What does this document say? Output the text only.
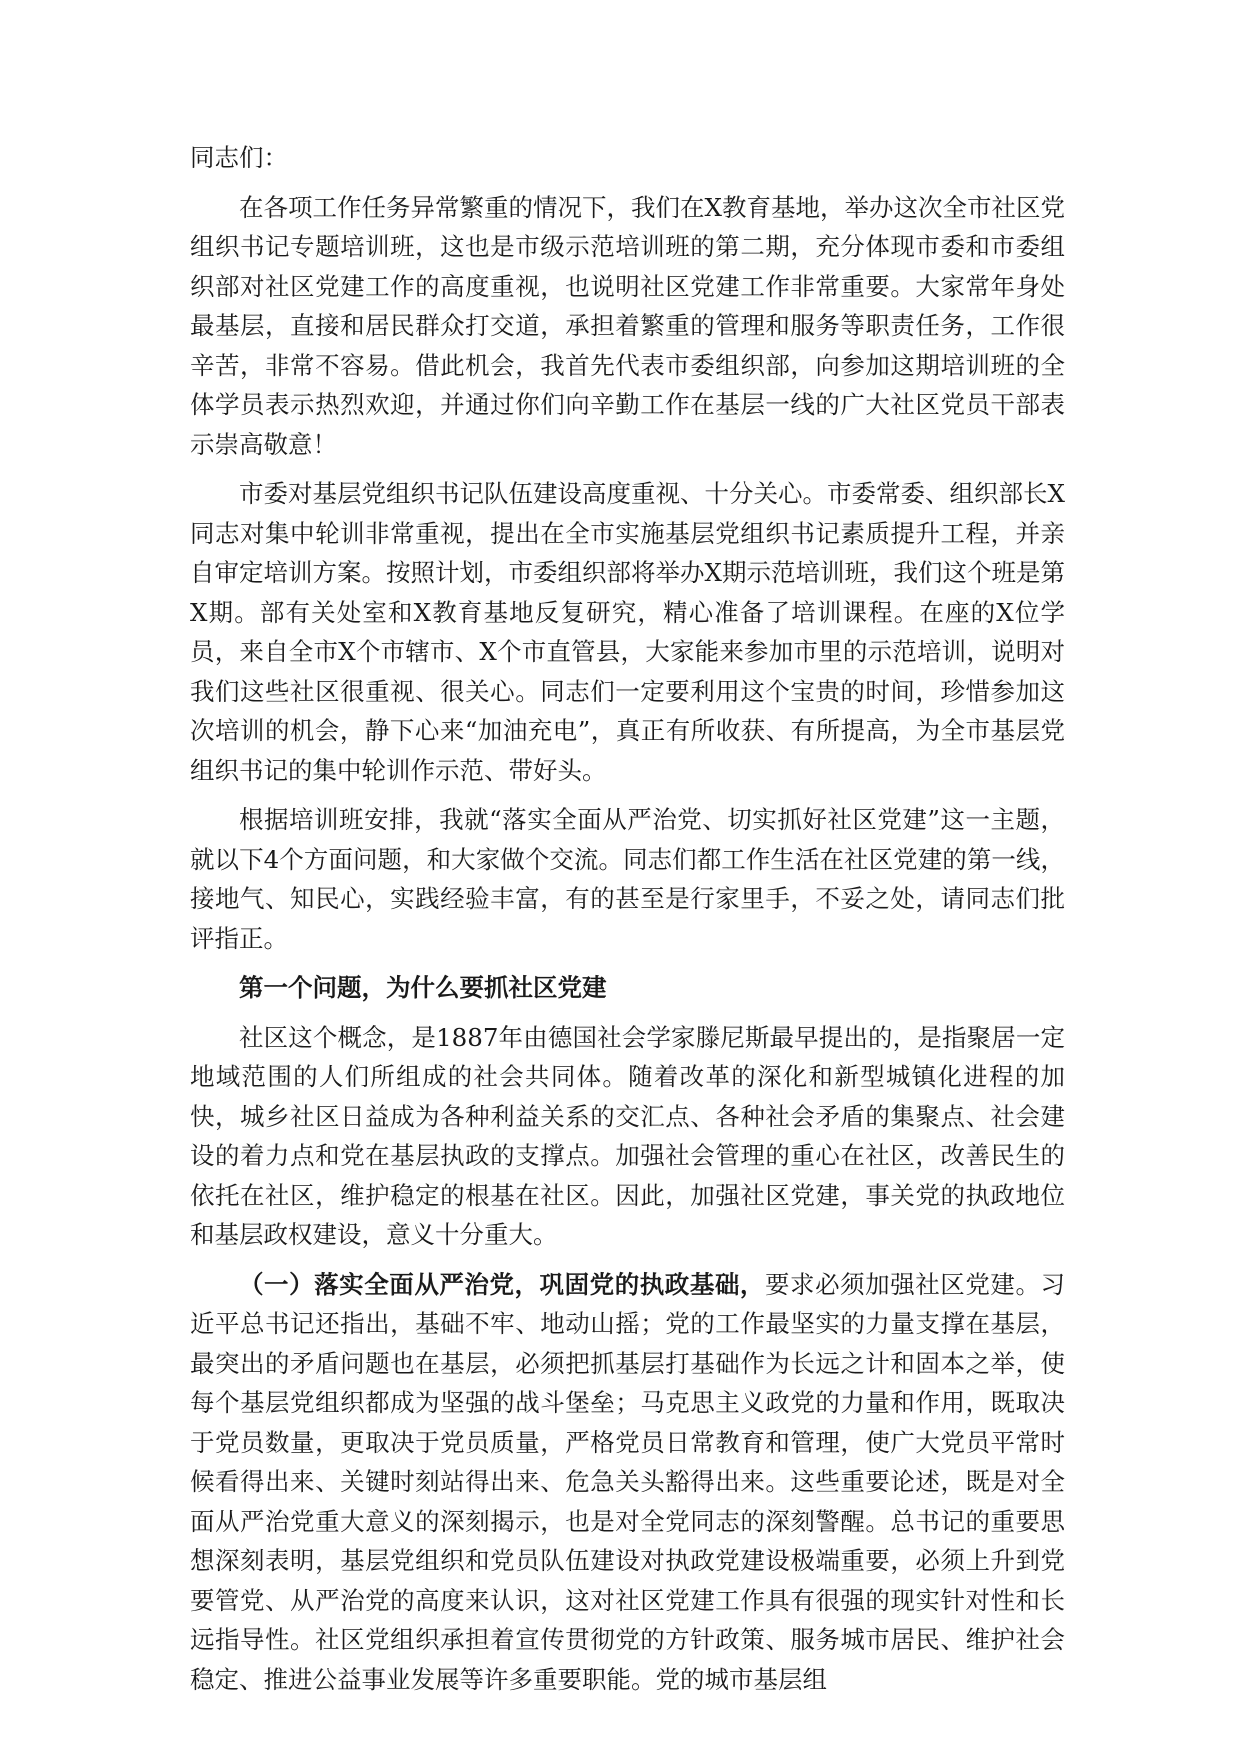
同志们：

在各项工作任务异常繁重的情况下，我们在X教育基地，举办这次全市社区党组织书记专题培训班，这也是市级示范培训班的第二期，充分体现市委和市委组织部对社区党建工作的高度重视，也说明社区党建工作非常重要。大家常年身处最基层，直接和居民群众打交道，承担着繁重的管理和服务等职责任务，工作很辛苦，非常不容易。借此机会，我首先代表市委组织部，向参加这期培训班的全体学员表示热烈欢迎，并通过你们向辛勤工作在基层一线的广大社区党员干部表示崇高敬意！

市委对基层党组织书记队伍建设高度重视、十分关心。市委常委、组织部长X同志对集中轮训非常重视，提出在全市实施基层党组织书记素质提升工程，并亲自审定培训方案。按照计划，市委组织部将举办X期示范培训班，我们这个班是第X期。部有关处室和X教育基地反复研究，精心准备了培训课程。在座的X位学员，来自全市X个市辖市、X个市直管县，大家能来参加市里的示范培训，说明对我们这些社区很重视、很关心。同志们一定要利用这个宝贵的时间，珍惜参加这次培训的机会，静下心来“加油充电”，真正有所收获、有所提高，为全市基层党组织书记的集中轮训作示范、带好头。

根据培训班安排，我就“落实全面从严治党、切实抓好社区党建”这一主题，就以下4个方面问题，和大家做个交流。同志们都工作生活在社区党建的第一线，接地气、知民心，实践经验丰富，有的甚至是行家里手，不妥之处，请同志们批评指正。

第一个问题，为什么要抓社区党建

社区这个概念，是1887年由德国社会学家滕尼斯最早提出的，是指聚居一定地域范围的人们所组成的社会共同体。随着改革的深化和新型城镇化进程的加快，城乡社区日益成为各种利益关系的交汇点、各种社会矛盾的集聚点、社会建设的着力点和党在基层执政的支撑点。加强社会管理的重心在社区，改善民生的依托在社区，维护稳定的根基在社区。因此，加强社区党建，事关党的执政地位和基层政权建设，意义十分重大。

（一）落实全面从严治党，巩固党的执政基础，要求必须加强社区党建。习近平总书记还指出，基础不牢、地动山摇；党的工作最坚实的力量支撑在基层，最突出的矛盾问题也在基层，必须把抓基层打基础作为长远之计和固本之举，使每个基层党组织都成为坚强的战斗堡垒；马克思主义政党的力量和作用，既取决于党员数量，更取决于党员质量，严格党员日常教育和管理，使广大党员平常时候看得出来、关键时刻站得出来、危急关头豁得出来。这些重要论述，既是对全面从严治党重大意义的深刻揭示，也是对全党同志的深刻警醒。总书记的重要思想深刻表明，基层党组织和党员队伍建设对执政党建设极端重要，必须上升到党要管党、从严治党的高度来认识，这对社区党建工作具有很强的现实针对性和长远指导性。社区党组织承担着宣传贯彻党的方针政策、服务城市居民、维护社会稳定、推进公益事业发展等许多重要职能。党的城市基层组
